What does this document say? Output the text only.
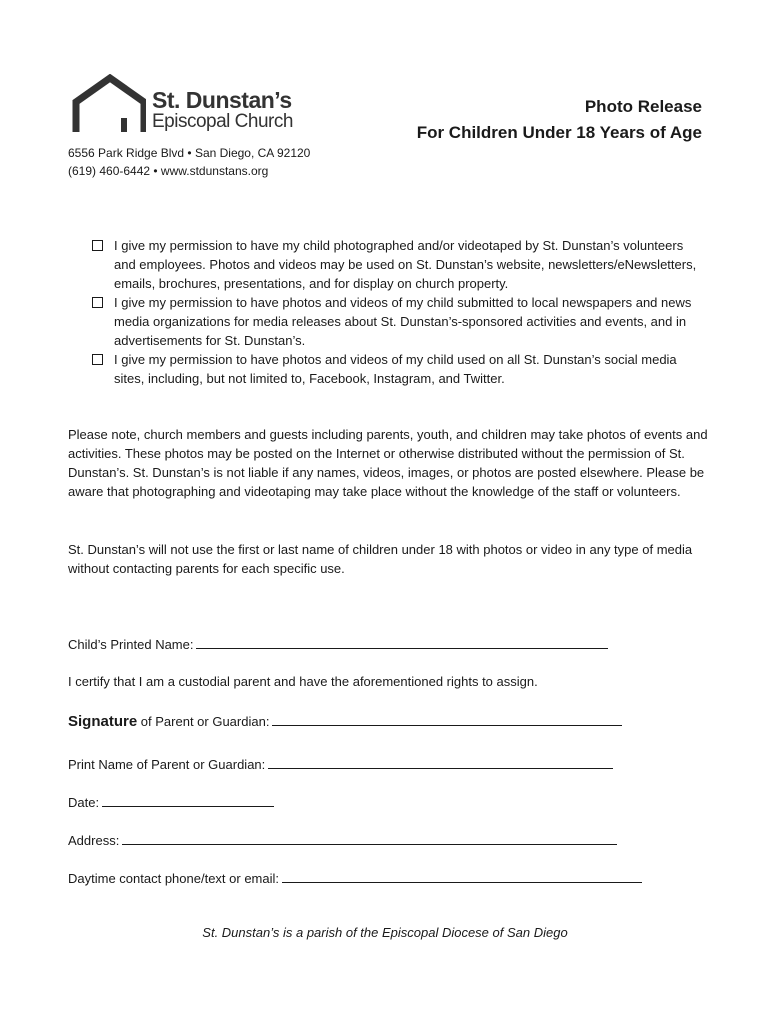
St. Dunstan’s
Episcopal Church
6556 Park Ridge Blvd • San Diego, CA 92120
(619) 460-6442 • www.stdunstans.org
Photo Release
For Children Under 18 Years of Age
I give my permission to have my child photographed and/or videotaped by St. Dunstan’s volunteers and employees. Photos and videos may be used on St. Dunstan’s website, newsletters/eNewsletters, emails, brochures, presentations, and for display on church property.
I give my permission to have photos and videos of my child submitted to local newspapers and news media organizations for media releases about St. Dunstan’s-sponsored activities and events, and in advertisements for St. Dunstan’s.
I give my permission to have photos and videos of my child used on all St. Dunstan’s social media sites, including, but not limited to, Facebook, Instagram, and Twitter.
Please note, church members and guests including parents, youth, and children may take photos of events and activities. These photos may be posted on the Internet or otherwise distributed without the permission of St. Dunstan’s. St. Dunstan’s is not liable if any names, videos, images, or photos are posted elsewhere. Please be aware that photographing and videotaping may take place without the knowledge of the staff or volunteers.
St. Dunstan’s will not use the first or last name of children under 18 with photos or video in any type of media without contacting parents for each specific use.
Child’s Printed Name:
I certify that I am a custodial parent and have the aforementioned rights to assign.
Signature of Parent or Guardian:
Print Name of Parent or Guardian:
Date:
Address:
Daytime contact phone/text or email:
St. Dunstan’s is a parish of the Episcopal Diocese of San Diego
